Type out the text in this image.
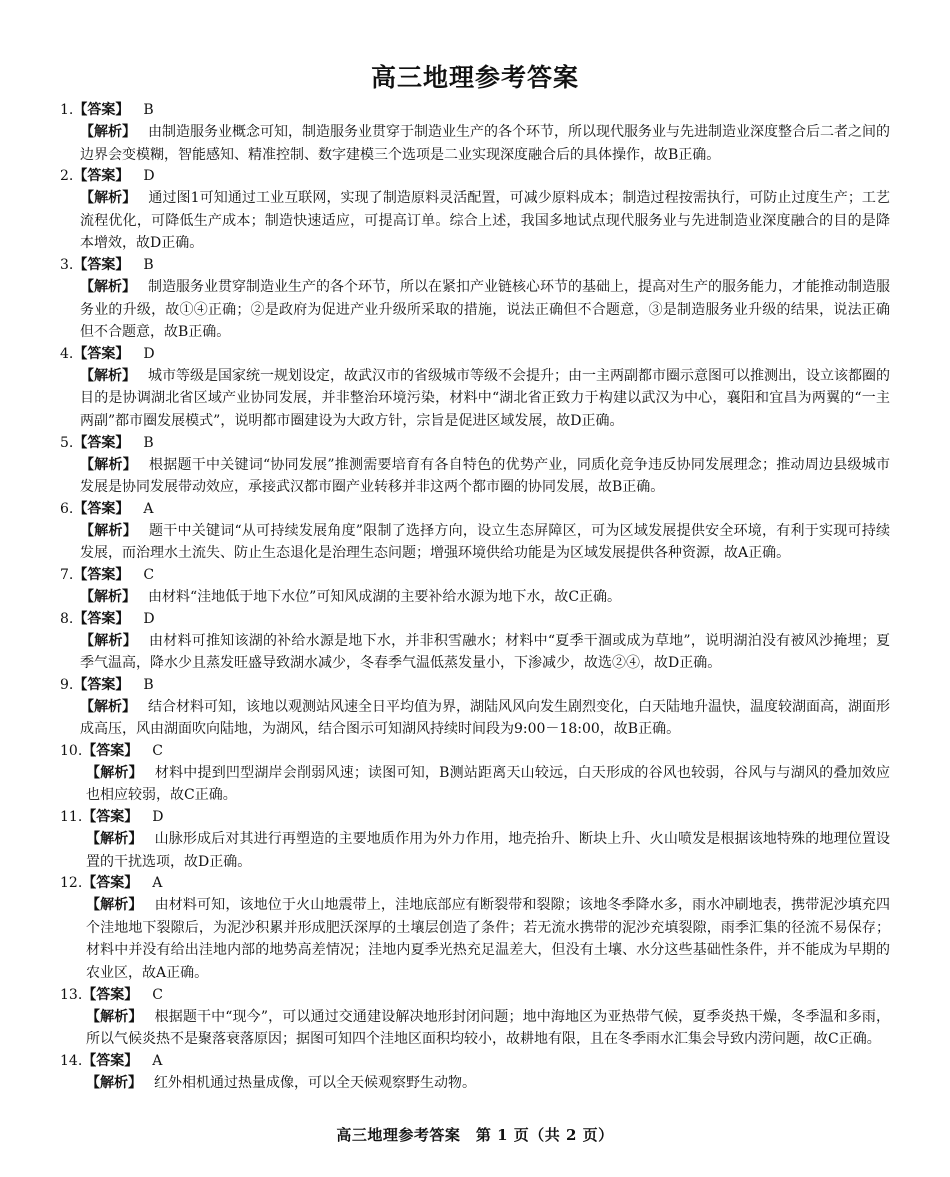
高三地理参考答案
1.【答案】 B
【解析】 由制造服务业概念可知，制造服务业贯穿于制造业生产的各个环节，所以现代服务业与先进制造业深度整合后二者之间的边界会变模糊，智能感知、精准控制、数字建模三个选项是二业实现深度融合后的具体操作，故B正确。
2.【答案】 D
【解析】 通过图1可知通过工业互联网，实现了制造原料灵活配置，可减少原料成本；制造过程按需执行，可防止过度生产；工艺流程优化，可降低生产成本；制造快速适应，可提高订单。综合上述，我国多地试点现代服务业与先进制造业深度融合的目的是降本增效，故D正确。
3.【答案】 B
【解析】 制造服务业贯穿制造业生产的各个环节，所以在紧扣产业链核心环节的基础上，提高对生产的服务能力，才能推动制造服务业的升级，故①④正确；②是政府为促进产业升级所采取的措施，说法正确但不合题意，③是制造服务业升级的结果，说法正确但不合题意，故B正确。
4.【答案】 D
【解析】 城市等级是国家统一规划设定，故武汉市的省级城市等级不会提升；由一主两副都市圈示意图可以推测出，设立该都圈的目的是协调湖北省区域产业协同发展，并非整治环境污染，材料中“湖北省正致力于构建以武汉为中心，襄阳和宜昌为两翼的“一主两副”都市圈发展模式”，说明都市圈建设为大政方针，宗旨是促进区域发展，故D正确。
5.【答案】 B
【解析】 根据题干中关键词“协同发展”推测需要培育有各自特色的优势产业，同质化竞争违反协同发展理念；推动周边县级城市发展是协同发展带动效应，承接武汉都市圈产业转移并非这两个都市圈的协同发展，故B正确。
6.【答案】 A
【解析】 题干中关键词“从可持续发展角度”限制了选择方向，设立生态屏障区，可为区域发展提供安全环境，有利于实现可持续发展，而治理水土流失、防止生态退化是治理生态问题；增强环境供给功能是为区域发展提供各种资源，故A正确。
7.【答案】 C
【解析】 由材料“洼地低于地下水位”可知风成湖的主要补给水源为地下水，故C正确。
8.【答案】 D
【解析】 由材料可推知该湖的补给水源是地下水，并非积雪融水；材料中“夏季干涸或成为草地”，说明湖泊没有被风沙掩埋；夏季气温高，降水少且蒸发旺盛导致湖水减少，冬春季气温低蒸发量小，下渗减少，故选②④，故D正确。
9.【答案】 B
【解析】 结合材料可知，该地以观测站风速全日平均值为界，湖陆风风向发生剧烈变化，白天陆地升温快，温度较湖面高，湖面形成高压，风由湖面吹向陆地，为湖风，结合图示可知湖风持续时间段为9:00－18:00，故B正确。
10.【答案】 C
【解析】 材料中提到凹型湖岸会削弱风速；读图可知，B测站距离天山较远，白天形成的谷风也较弱，谷风与与湖风的叠加效应也相应较弱，故C正确。
11.【答案】 D
【解析】 山脉形成后对其进行再塑造的主要地质作用为外力作用，地壳抬升、断块上升、火山喷发是根据该地特殊的地理位置设置的干扰选项，故D正确。
12.【答案】 A
【解析】 由材料可知，该地位于火山地震带上，洼地底部应有断裂带和裂隙；该地冬季降水多，雨水冲刷地表，携带泥沙填充四个洼地地下裂隙后，为泥沙积累并形成肥沃深厚的土壤层创造了条件；若无流水携带的泥沙充填裂隙，雨季汇集的径流不易保存；材料中并没有给出洼地内部的地势高差情况；洼地内夏季光热充足温差大，但没有土壤、水分这些基础性条件，并不能成为早期的农业区，故A正确。
13.【答案】 C
【解析】 根据题干中“现今”，可以通过交通建设解决地形封闭问题；地中海地区为亚热带气候，夏季炎热干燥，冬季温和多雨，所以气候炎热不是聚落衰落原因；据图可知四个洼地区面积均较小，故耕地有限，且在冬季雨水汇集会导致内涝问题，故C正确。
14.【答案】 A
【解析】 红外相机通过热量成像，可以全天候观察野生动物。
高三地理参考答案　第 1 页（共 2 页）
